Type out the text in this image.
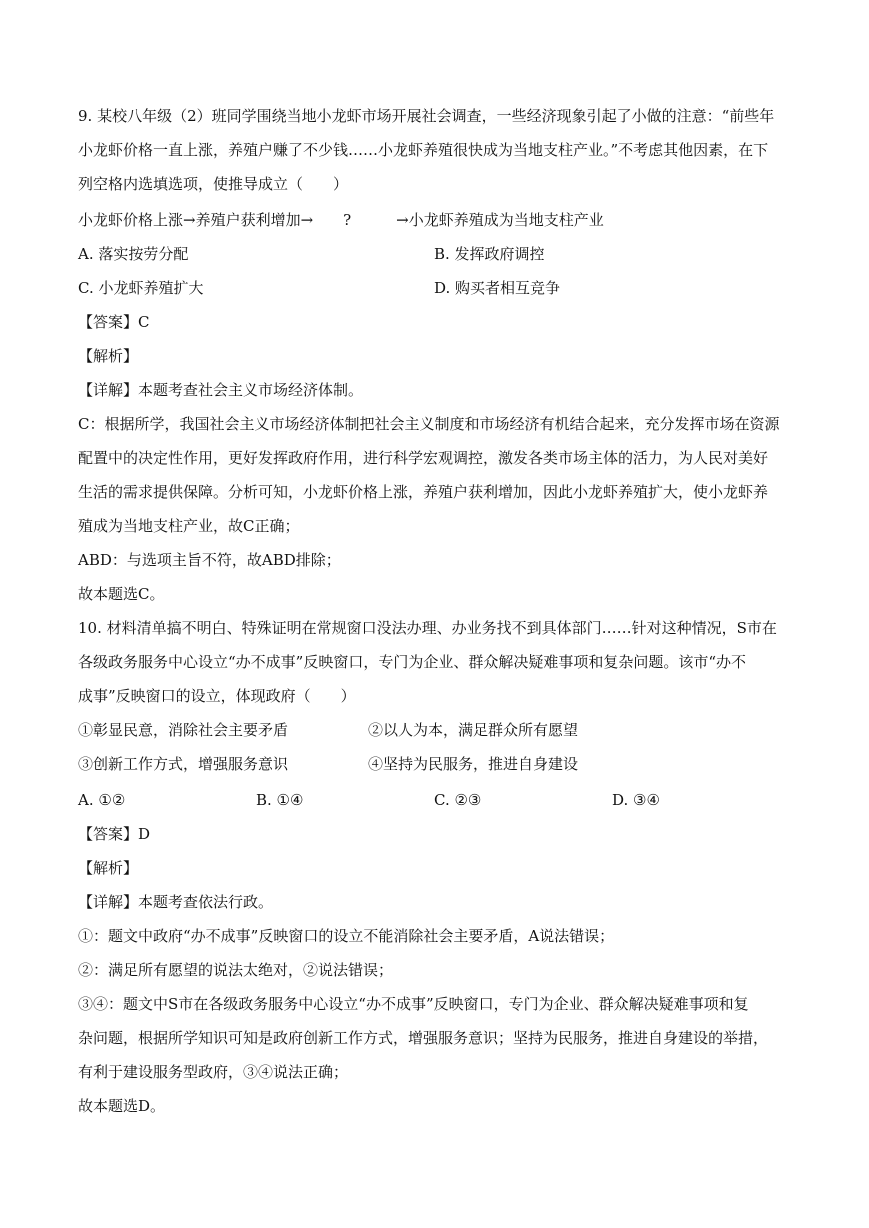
9. 某校八年级（2）班同学围绕当地小龙虾市场开展社会调查，一些经济现象引起了小做的注意：“前些年
小龙虾价格一直上涨，养殖户赚了不少钱……小龙虾养殖很快成为当地支柱产业。”不考虑其他因素，在下
列空格内选填选项，使推导成立（　　）
小龙虾价格上涨→养殖户获利增加→　　?　　　→小龙虾养殖成为当地支柱产业
A. 落实按劳分配	B. 发挥政府调控
C. 小龙虾养殖扩大	D. 购买者相互竞争
【答案】C
【解析】
【详解】本题考查社会主义市场经济体制。
C：根据所学，我国社会主义市场经济体制把社会主义制度和市场经济有机结合起来，充分发挥市场在资源
配置中的决定性作用，更好发挥政府作用，进行科学宏观调控，激发各类市场主体的活力，为人民对美好
生活的需求提供保障。分析可知，小龙虾价格上涨，养殖户获利增加，因此小龙虾养殖扩大，使小龙虾养
殖成为当地支柱产业，故C正确；
ABD：与选项主旨不符，故ABD排除；
故本题选C。
10. 材料清单搞不明白、特殊证明在常规窗口没法办理、办业务找不到具体部门……针对这种情况，S市在
各级政务服务中心设立“办不成事”反映窗口，专门为企业、群众解决疑难事项和复杂问题。该市“办不
成事”反映窗口的设立，体现政府（　　）
①彰显民意，消除社会主要矛盾	②以人为本，满足群众所有愿望
③创新工作方式，增强服务意识	④坚持为民服务，推进自身建设
A. ①②	B. ①④	C. ②③	D. ③④
【答案】D
【解析】
【详解】本题考查依法行政。
①：题文中政府“办不成事”反映窗口的设立不能消除社会主要矛盾，A说法错误；
②：满足所有愿望的说法太绝对，②说法错误；
③④：题文中S市在各级政务服务中心设立“办不成事”反映窗口，专门为企业、群众解决疑难事项和复
杂问题，根据所学知识可知是政府创新工作方式，增强服务意识；坚持为民服务，推进自身建设的举措，
有利于建设服务型政府，③④说法正确；
故本题选D。
